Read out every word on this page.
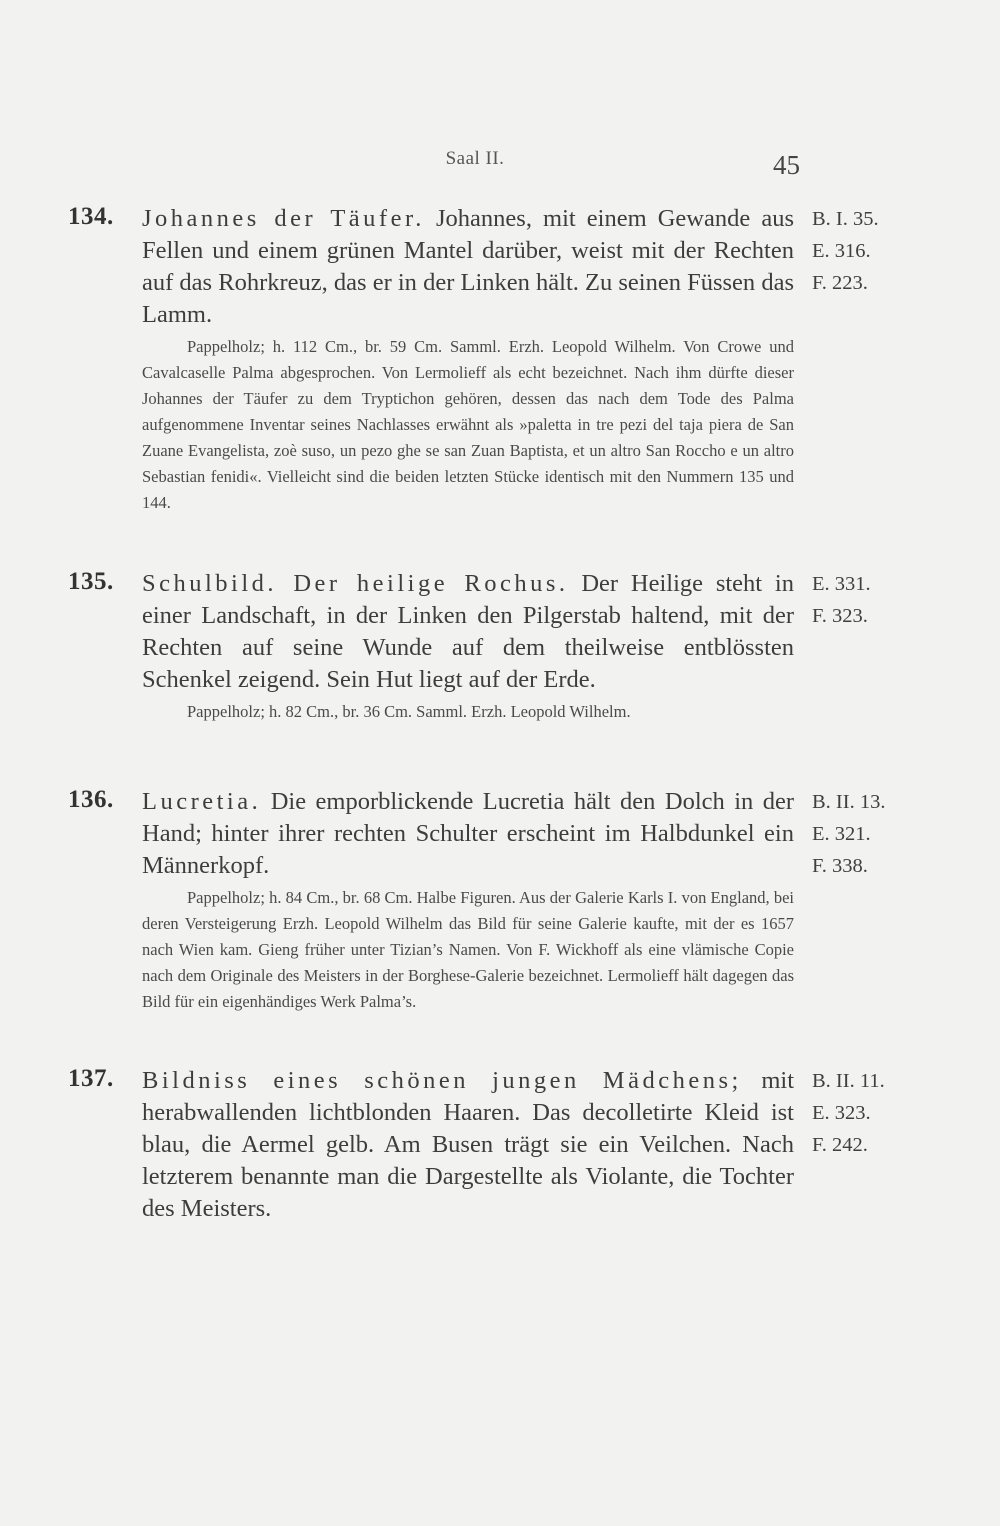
Saal II.	45
134.	Johannes der Täufer. Johannes, mit einem Gewande aus Fellen und einem grünen Mantel darüber, weist mit der Rechten auf das Rohrkreuz, das er in der Linken hält. Zu seinen Füssen das Lamm.

Pappelholz; h. 112 Cm., br. 59 Cm. Samml. Erzh. Leopold Wilhelm. Von Crowe und Cavalcaselle Palma abgesprochen. Von Lermolieff als echt bezeichnet. Nach ihm dürfte dieser Johannes der Täufer zu dem Tryptichon gehören, dessen das nach dem Tode des Palma aufgenommene Inventar seines Nachlasses erwähnt als »paletta in tre pezi del taja piera de San Zuane Evangelista, zoè suso, un pezo ghe se san Zuan Baptista, et un altro San Roccho e un altro Sebastian fenidi«. Vielleicht sind die beiden letzten Stücke identisch mit den Nummern 135 und 144.

B. I. 35.
E. 316.
F. 223.
135.	Schulbild. Der heilige Rochus. Der Heilige steht in einer Landschaft, in der Linken den Pilgerstab haltend, mit der Rechten auf seine Wunde auf dem theilweise entblössten Schenkel zeigend. Sein Hut liegt auf der Erde.

Pappelholz; h. 82 Cm., br. 36 Cm. Samml. Erzh. Leopold Wilhelm.

E. 331.
F. 323.
136.	Lucretia. Die emporblickende Lucretia hält den Dolch in der Hand; hinter ihrer rechten Schulter erscheint im Halbdunkel ein Männerkopf.

Pappelholz; h. 84 Cm., br. 68 Cm. Halbe Figuren. Aus der Galerie Karls I. von England, bei deren Versteigerung Erzh. Leopold Wilhelm das Bild für seine Galerie kaufte, mit der es 1657 nach Wien kam. Gieng früher unter Tizian’s Namen. Von F. Wickhoff als eine vlämische Copie nach dem Originale des Meisters in der Borghese-Galerie bezeichnet. Lermolieff hält dagegen das Bild für ein eigenhändiges Werk Palma’s.

B. II. 13.
E. 321.
F. 338.
137.	Bildniss eines schönen jungen Mädchens; mit herabwallenden lichtblonden Haaren. Das decolletirte Kleid ist blau, die Aermel gelb. Am Busen trägt sie ein Veilchen. Nach letzterem benannte man die Dargestellte als Violante, die Tochter des Meisters.

B. II. 11.
E. 323.
F. 242.
